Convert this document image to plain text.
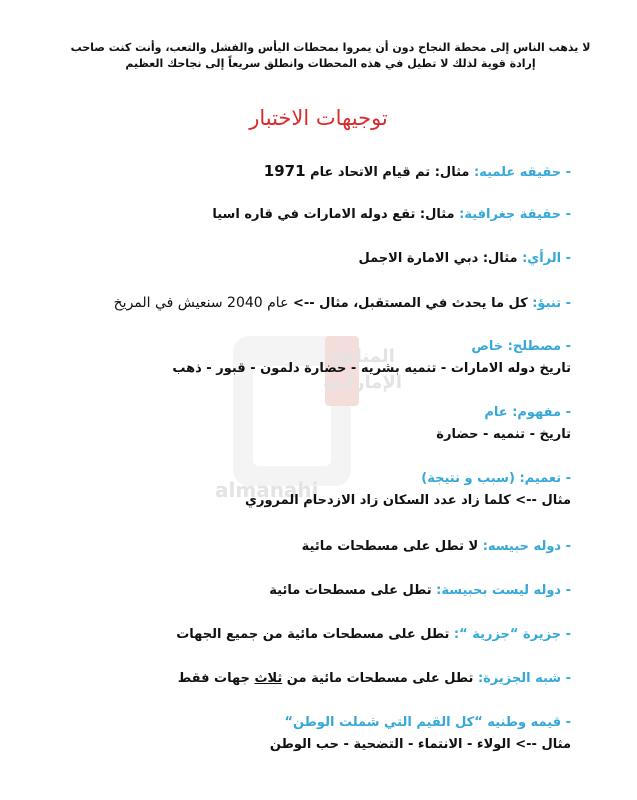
المناهج
الإماراتية
almanahj
لا يذهب الناس إلى محطة النجاح دون أن يمروا بمحطات اليأس والفشل والتعب، وأنت كنت صاحب إرادة قوية لذلك لا تطيل في هذه المحطات وانطلق سريعاً إلى نجاحك العظيم
توجيهات الاختبار
- حقيقه علميه: مثال: تم قيام الاتحاد عام 1971
- حقيقة جغرافية: مثال: تقع دوله الامارات في قاره اسيا
- الرأي: مثال: دبي الامارة الاجمل
- تنبؤ: كل ما يحدث في المستقبل، مثال --> عام 2040 سنعيش في المريخ
- مصطلح: خاص
تاريخ دوله الامارات - تنميه بشريه - حضارة دلمون - قبور - ذهب
- مفهوم: عام
تاريخ - تنميه - حضارة
- تعميم: (سبب و نتيجة)
مثال --> كلما زاد عدد السكان زاد الازدحام المروري
- دوله حبيسه: لا تطل على مسطحات مائية
- دوله ليست بحبيسة: تطل على مسطحات مائية
- جزيرة “جزرية “: تطل على مسطحات مائية من جميع الجهات
- شبه الجزيرة: تطل على مسطحات مائية من ثلاث جهات فقط
- قيمه وطنيه “كل القيم التي شملت الوطن“
مثال --> الولاء - الانتماء - التضحية - حب الوطن
